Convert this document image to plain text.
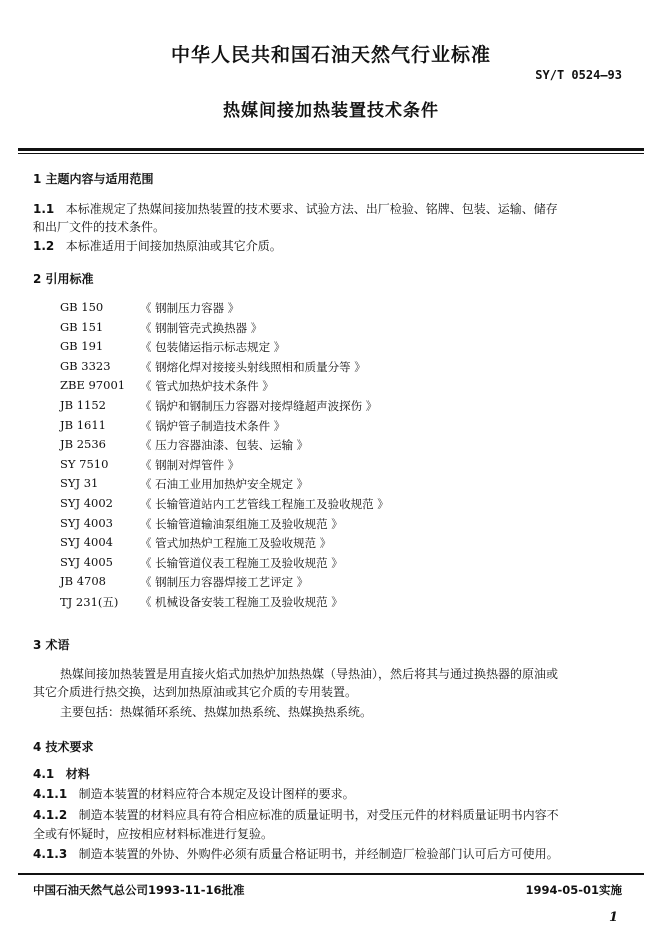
中华人民共和国石油天然气行业标准
SY/T 0524—93
热媒间接加热装置技术条件
1 主题内容与适用范围
1.1 本标准规定了热媒间接加热装置的技术要求、试验方法、出厂检验、铭牌、包装、运输、储存
和出厂文件的技术条件。
1.2 本标准适用于间接加热原油或其它介质。
2 引用标准
GB 150	《 钢制压力容器 》
GB 151	《 钢制管壳式换热器 》
GB 191	《 包装储运指示标志规定 》
GB 3323	《 钢熔化焊对接接头射线照相和质量分等 》
ZBE 97001 《 管式加热炉技术条件 》
JB 1152	《 锅炉和钢制压力容器对接焊缝超声波探伤 》
JB 1611	《 锅炉管子制造技术条件 》
JB 2536	《 压力容器油漆、包装、运输 》
SY 7510	《 钢制对焊管件 》
SYJ 31	《 石油工业用加热炉安全规定 》
SYJ 4002 《 长输管道站内工艺管线工程施工及验收规范 》
SYJ 4003 《 长输管道输油泵组施工及验收规范 》
SYJ 4004 《 管式加热炉工程施工及验收规范 》
SYJ 4005 《 长输管道仪表工程施工及验收规范 》
JB 4708	《 钢制压力容器焊接工艺评定 》
TJ 231(五) 《 机械设备安装工程施工及验收规范 》
3 术语
热媒间接加热装置是用直接火焰式加热炉加热热媒（导热油），然后将其与通过换热器的原油或
其它介质进行热交换，达到加热原油或其它介质的专用装置。
主要包括：热媒循环系统、热媒加热系统、热媒换热系统。
4 技术要求
4.1 材料
4.1.1 制造本装置的材料应符合本规定及设计图样的要求。
4.1.2 制造本装置的材料应具有符合相应标准的质量证明书，对受压元件的材料质量证明书内容不
全或有怀疑时，应按相应材料标准进行复验。
4.1.3 制造本装置的外协、外购件必须有质量合格证明书，并经制造厂检验部门认可后方可使用。
中国石油天然气总公司1993-11-16批准	1994-05-01实施
1
